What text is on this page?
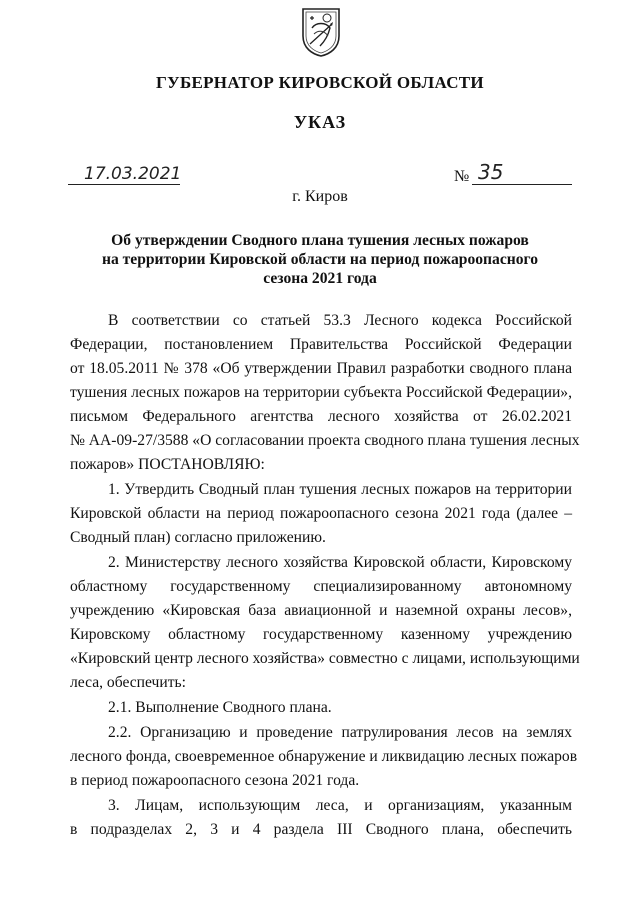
ГУБЕРНАТОР КИРОВСКОЙ ОБЛАСТИ
УКАЗ
17.03.2021	№ 35
г. Киров
Об утверждении Сводного плана тушения лесных пожаров
на территории Кировской области на период пожароопасного
сезона 2021 года
В соответствии со статьей 53.3 Лесного кодекса Российской
Федерации, постановлением Правительства Российской Федерации
от 18.05.2011 № 378 «Об утверждении Правил разработки сводного плана
тушения лесных пожаров на территории субъекта Российской Федерации»,
письмом Федерального агентства лесного хозяйства от 26.02.2021
№ АА-09-27/3588 «О согласовании проекта сводного плана тушения лесных
пожаров» ПОСТАНОВЛЯЮ:
1. Утвердить Сводный план тушения лесных пожаров на территории
Кировской области на период пожароопасного сезона 2021 года (далее –
Сводный план) согласно приложению.
2. Министерству лесного хозяйства Кировской области, Кировскому
областному государственному специализированному автономному
учреждению «Кировская база авиационной и наземной охраны лесов»,
Кировскому областному государственному казенному учреждению
«Кировский центр лесного хозяйства» совместно с лицами, использующими
леса, обеспечить:
2.1. Выполнение Сводного плана.
2.2. Организацию и проведение патрулирования лесов на землях
лесного фонда, своевременное обнаружение и ликвидацию лесных пожаров
в период пожароопасного сезона 2021 года.
3. Лицам, использующим леса, и организациям, указанным
в подразделах 2, 3 и 4 раздела III Сводного плана, обеспечить
